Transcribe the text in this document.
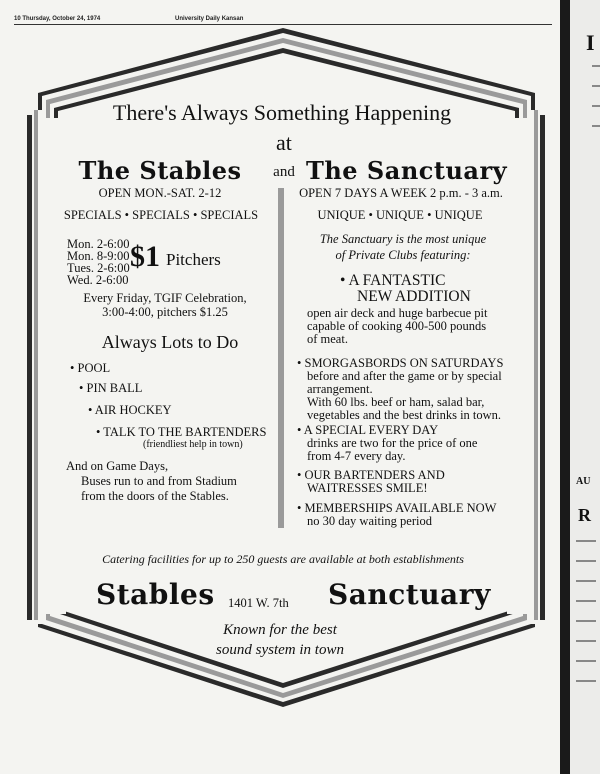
I
AU
R
10 Thursday, October 24, 1974	University Daily Kansan
There's Always Something Happening
at
The Stables	and The Sanctuary
OPEN MON.-SAT. 2-12
SPECIALS • SPECIALS • SPECIALS
Mon. 2-6:00
Mon. 8-9:00
Tues. 2-6:00
Wed. 2-6:00
$1 Pitchers
Every Friday, TGIF Celebration,
3:00-4:00, pitchers $1.25
Always Lots to Do
• POOL
• PIN BALL
• AIR HOCKEY
• TALK TO THE BARTENDERS
(friendliest help in town)
And on Game Days,
Buses run to and from Stadium
from the doors of the Stables.
OPEN 7 DAYS A WEEK 2 p.m. - 3 a.m.
UNIQUE • UNIQUE • UNIQUE
The Sanctuary is the most unique
of Private Clubs featuring:
• A FANTASTIC
NEW ADDITION
open air deck and huge barbecue pit
capable of cooking 400-500 pounds
of meat.
• SMORGASBORDS ON SATURDAYS
before and after the game or by special
arrangement.
With 60 lbs. beef or ham, salad bar,
vegetables and the best drinks in town.
• A SPECIAL EVERY DAY
drinks are two for the price of one
from 4-7 every day.
• OUR BARTENDERS AND
WAITRESSES SMILE!
• MEMBERSHIPS AVAILABLE NOW
no 30 day waiting period
Catering facilities for up to 250 guests are available at both establishments
Stables 1401 W. 7th Sanctuary
Known for the best
sound system in town
